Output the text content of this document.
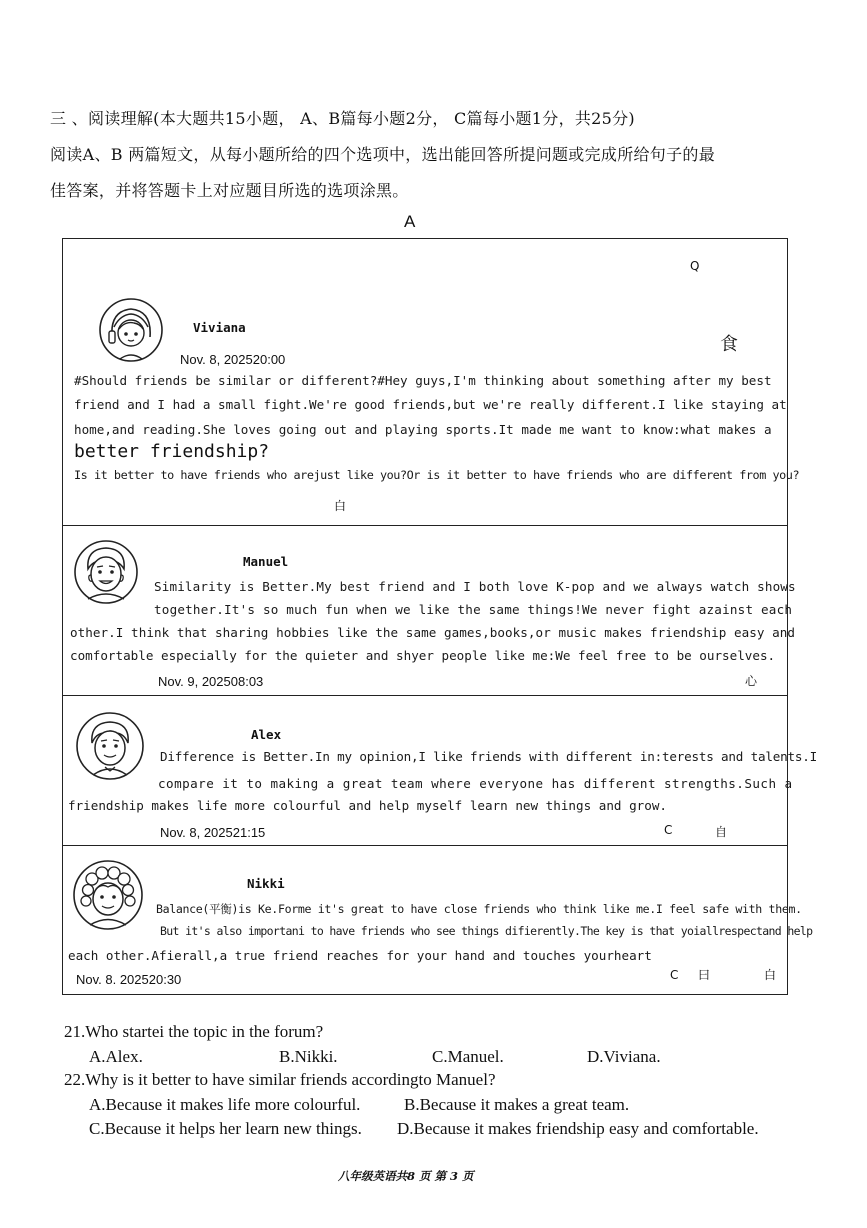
三 、阅读理解(本大题共15小题， A、B篇每小题2分， C篇每小题1分，共25分)
阅读A、B 两篇短文，从每小题所给的四个选项中，选出能回答所提问题或完成所给句子的最
佳答案，并将答题卡上对应题目所选的选项涂黑。
A
Q
Viviana
食
Nov. 8, 202520:00
#Should friends be similar or different?#Hey guys,I'm thinking about something after my best
friend and I had a small fight.We're good friends,but we're really different.I like staying at
home,and reading.She loves going out and playing sports.It made me want to know:what makes a
better friendship?
Is it better to have friends who arejust like you?Or is it better to have friends who are different from you?
白
Manuel
Similarity is Better.My best friend and I both love K-pop and we always watch shows
together.It's so much fun when we like the same things!We never fight azainst each
other.I think that sharing hobbies like the same games,books,or music makes friendship easy and
comfortable especially for the quieter and shyer people like me:We feel free to be ourselves.
Nov. 9, 202508:03	心
Alex
Difference is Better.In my opinion,I like friends with different in:terests and talents.I
compare it to making a great team where everyone has different strengths.Such a
friendship makes life more colourful and help myself learn new things and grow.
Nov. 8, 202521:15	C	自
Nikki
Balance(平衡)is Ke.Forme it's great to have close friends who think like me.I feel safe with them.
But it's also importani to have friends who see things difierently.The key is that yoiallrespectand help
each other.Afierall,a true friend reaches for your hand and touches yourheart
Nov. 8. 202520:30	C 曰	白
21.Who startei the topic in the forum?
A.Alex.	B.Nikki.	C.Manuel.	D.Viviana.
22.Why is it better to have similar friends accordingto Manuel?
A.Because it makes life more colourful.	B.Because it makes a great team.
C.Because it helps her learn new things. D.Because it makes friendship easy and comfortable.
八年级英语共8 页 第 3 页
